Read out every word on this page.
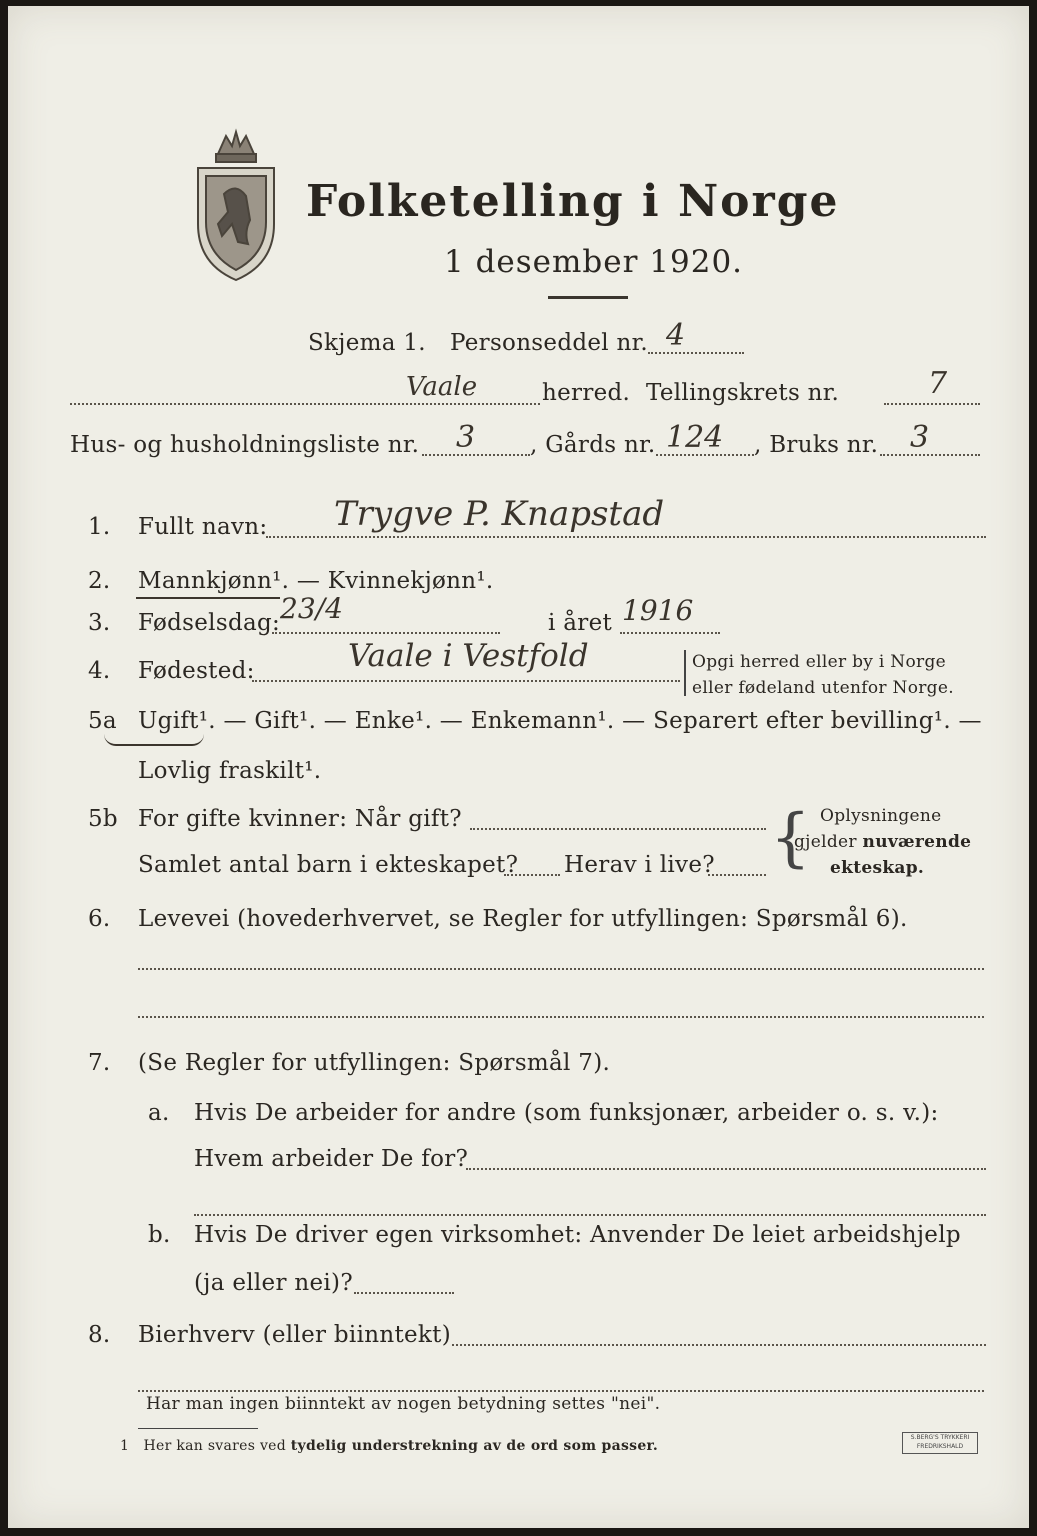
Folketelling i Norge
1 desember 1920.
Skjema 1. Personseddel nr. 4
Vaale	herred. Tellingskrets nr.	7
Hus- og husholdningsliste nr. 3 , Gårds nr. 124 , Bruks nr. 3
1. Fullt navn: Trygve P. Knapstad
2. Mannkjønn¹. — Kvinnekjønn¹.
3. Fødselsdag: 23/4	i året 1916
4. Fødested:	Vaale i Vestfold	Opgi herred eller by i Norge
eller fødeland utenfor Norge.
5a Ugift¹. — Gift¹. — Enke¹. — Enkemann¹. — Separert efter bevilling¹. —
Lovlig fraskilt¹.
5b For gifte kvinner: Når gift?
Samlet antal barn i ekteskapet? Herav i live? { Oplysningene
gjelder nuværende
ekteskap.
6. Levevei (hovederhvervet, se Regler for utfyllingen: Spørsmål 6).
7. (Se Regler for utfyllingen: Spørsmål 7).
a. Hvis De arbeider for andre (som funksjonær, arbeider o. s. v.):
Hvem arbeider De for?
b. Hvis De driver egen virksomhet: Anvender De leiet arbeidshjelp
(ja eller nei)?
8. Bierhverv (eller biinntekt)
Har man ingen biinntekt av nogen betydning settes "nei".
1 Her kan svares ved tydelig understrekning av de ord som passer.
S.BERG'S TRYKKERI FREDRIKSHALD
